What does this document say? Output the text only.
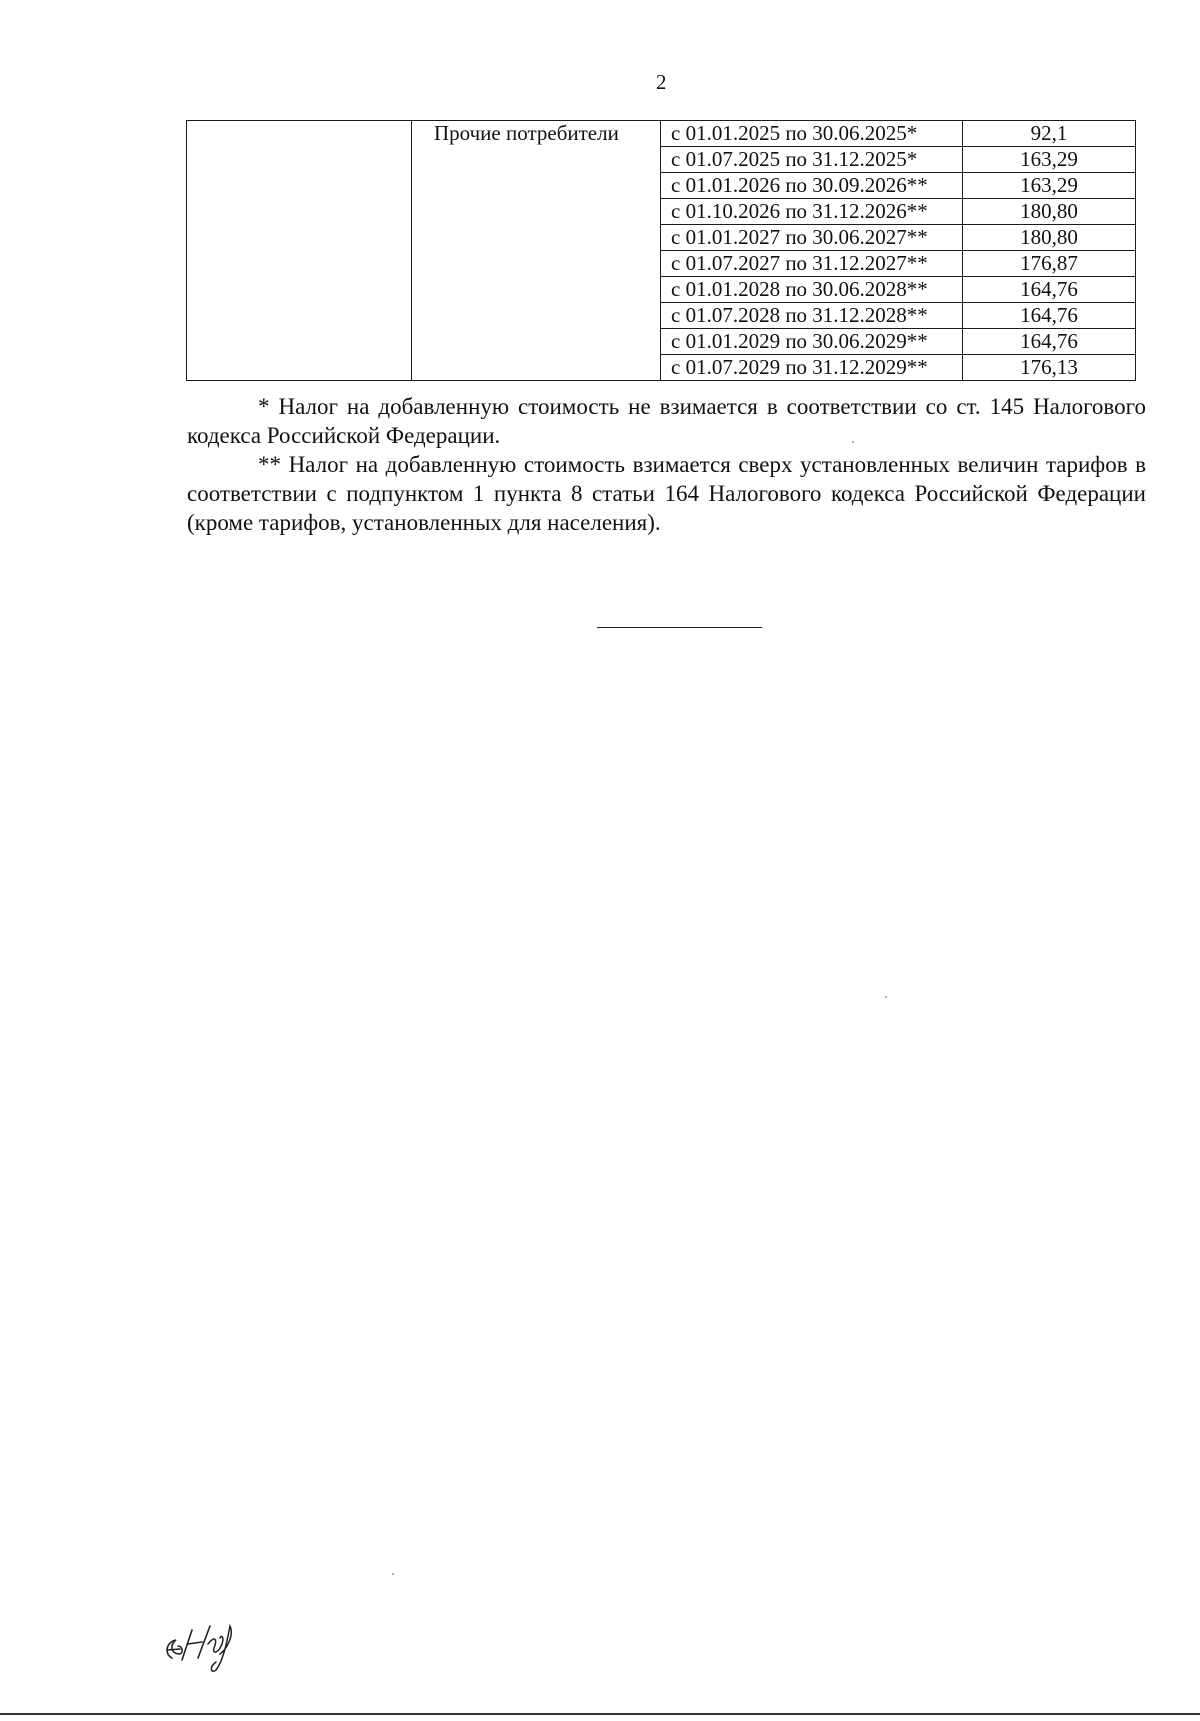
2
	Прочие потребители	с 01.01.2025 по 30.06.2025*	92,1
		с 01.07.2025 по 31.12.2025*	163,29
		с 01.01.2026 по 30.09.2026**	163,29
		с 01.10.2026 по 31.12.2026**	180,80
		с 01.01.2027 по 30.06.2027**	180,80
		с 01.07.2027 по 31.12.2027**	176,87
		с 01.01.2028 по 30.06.2028**	164,76
		с 01.07.2028 по 31.12.2028**	164,76
		с 01.01.2029 по 30.06.2029**	164,76
		с 01.07.2029 по 31.12.2029**	176,13

* Налог на добавленную стоимость не взимается в соответствии со ст. 145 Налогового кодекса Российской Федерации.

** Налог на добавленную стоимость взимается сверх установленных величин тарифов в соответствии с подпунктом 1 пункта 8 статьи 164 Налогового кодекса Российской Федерации (кроме тарифов, установленных для населения).
